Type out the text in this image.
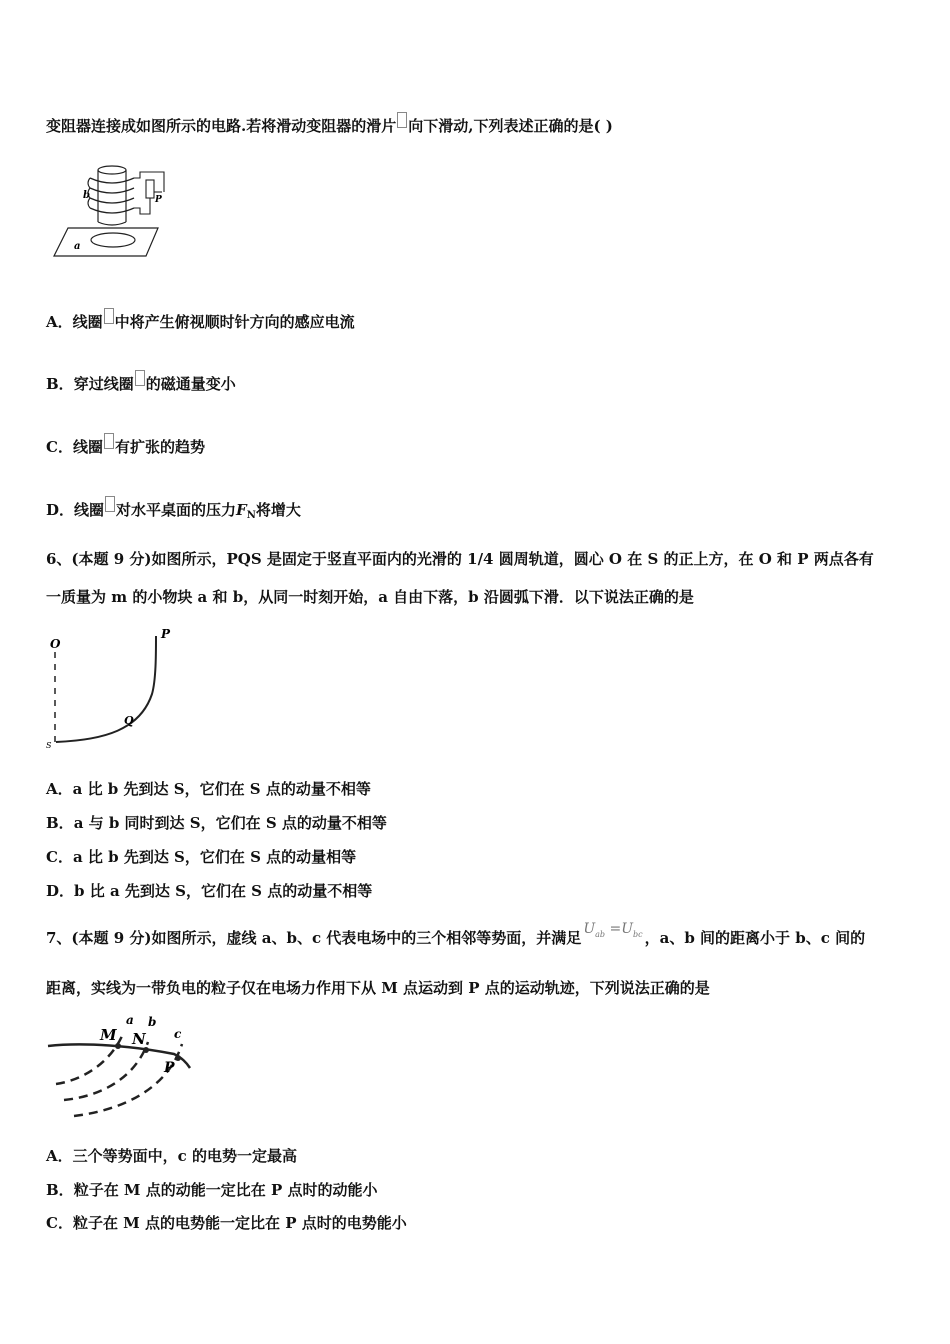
变阻器连接成如图所示的电路.若将滑动变阻器的滑片 向下滑动,下列表述正确的是( )
a
b	P
A．线圈 中将产生俯视顺时针方向的感应电流
B．穿过线圈 的磁通量变小
C．线圈 有扩张的趋势
D．线圈 对水平桌面的压力$F_N$将增大
6、(本题 9 分)如图所示，PQS 是固定于竖直平面内的光滑的 1/4 圆周轨道，圆心 O 在 S 的正上方，在 O 和 P 两点各有
一质量为 m 的小物块 a 和 b，从同一时刻开始，a 自由下落，b 沿圆弧下滑．以下说法正确的是
O
P
Q
S
A．a 比 b 先到达 S，它们在 S 点的动量不相等
B．a 与 b 同时到达 S，它们在 S 点的动量不相等
C．a 比 b 先到达 S，它们在 S 点的动量相等
D．b 比 a 先到达 S，它们在 S 点的动量不相等
7、(本题 9 分)如图所示，虚线 a、b、c 代表电场中的三个相邻等势面，并满足 $U_{ab} =U_{bc}$ ，a、b 间的距离小于 b、c 间的
距离，实线为一带负电的粒子仅在电场力作用下从 M 点运动到 P 点的运动轨迹，下列说法正确的是
M
a
N
b
c
P
A．三个等势面中，c 的电势一定最高
B．粒子在 M 点的动能一定比在 P 点时的动能小
C．粒子在 M 点的电势能一定比在 P 点时的电势能小
